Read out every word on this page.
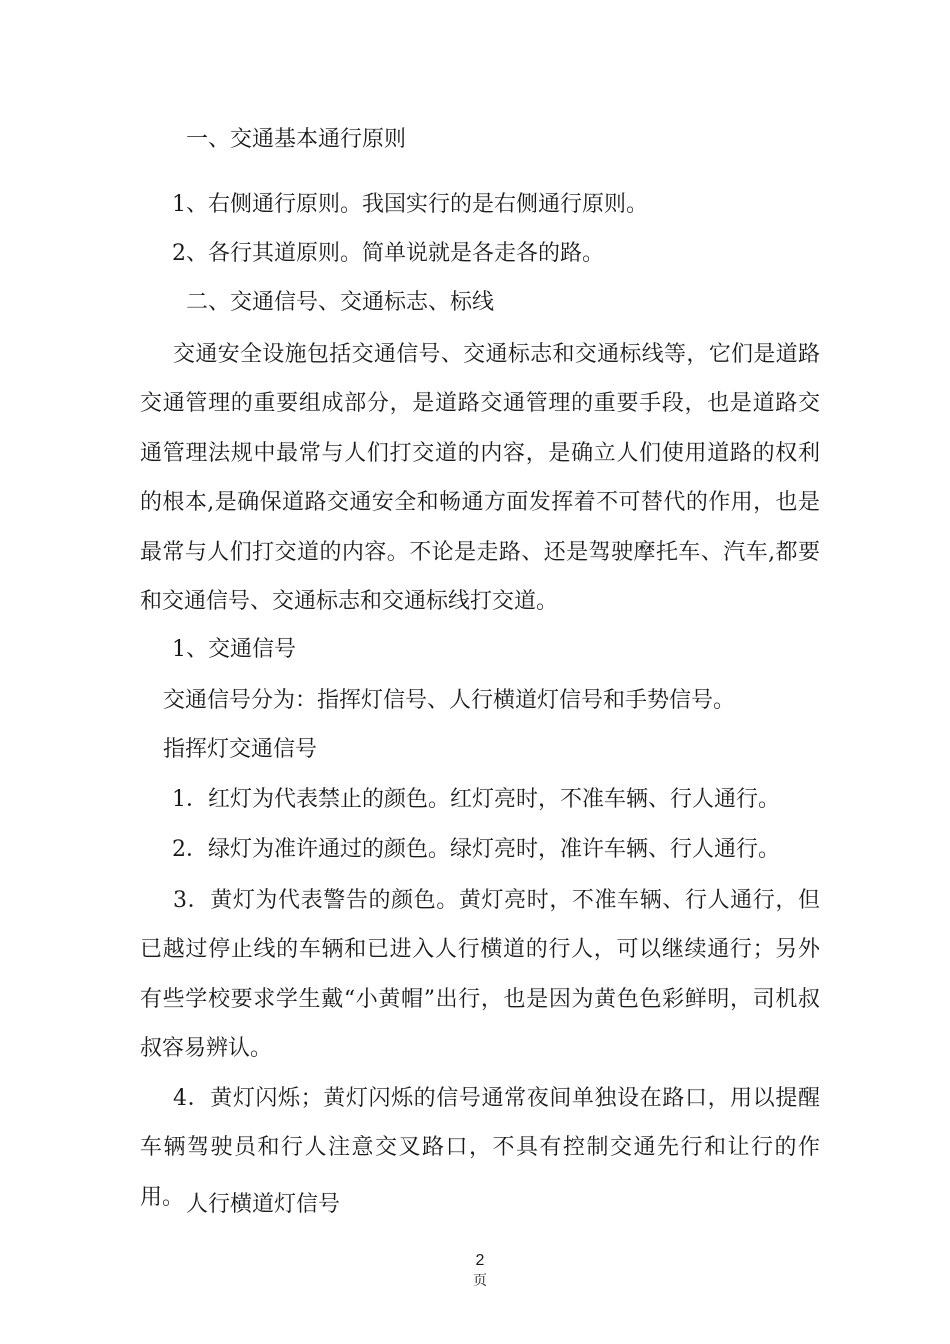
一、交通基本通行原则

1、右侧通行原则。我国实行的是右侧通行原则。

2、各行其道原则。简单说就是各走各的路。

二、交通信号、交通标志、标线

交通安全设施包括交通信号、交通标志和交通标线等，它们是道路交通管理的重要组成部分，是道路交通管理的重要手段，也是道路交通管理法规中最常与人们打交道的内容，是确立人们使用道路的权利的根本,是确保道路交通安全和畅通方面发挥着不可替代的作用，也是最常与人们打交道的内容。不论是走路、还是驾驶摩托车、汽车,都要和交通信号、交通标志和交通标线打交道。

1、交通信号

交通信号分为：指挥灯信号、人行横道灯信号和手势信号。

指挥灯交通信号

1．红灯为代表禁止的颜色。红灯亮时，不准车辆、行人通行。

2．绿灯为准许通过的颜色。绿灯亮时，准许车辆、行人通行。

3．黄灯为代表警告的颜色。黄灯亮时，不准车辆、行人通行，但已越过停止线的车辆和已进入人行横道的行人，可以继续通行；另外有些学校要求学生戴“小黄帽”出行，也是因为黄色色彩鲜明，司机叔叔容易辨认。

4．黄灯闪烁；黄灯闪烁的信号通常夜间单独设在路口，用以提醒车辆驾驶员和行人注意交叉路口，不具有控制交通先行和让行的作用。 人行横道灯信号

2
页
